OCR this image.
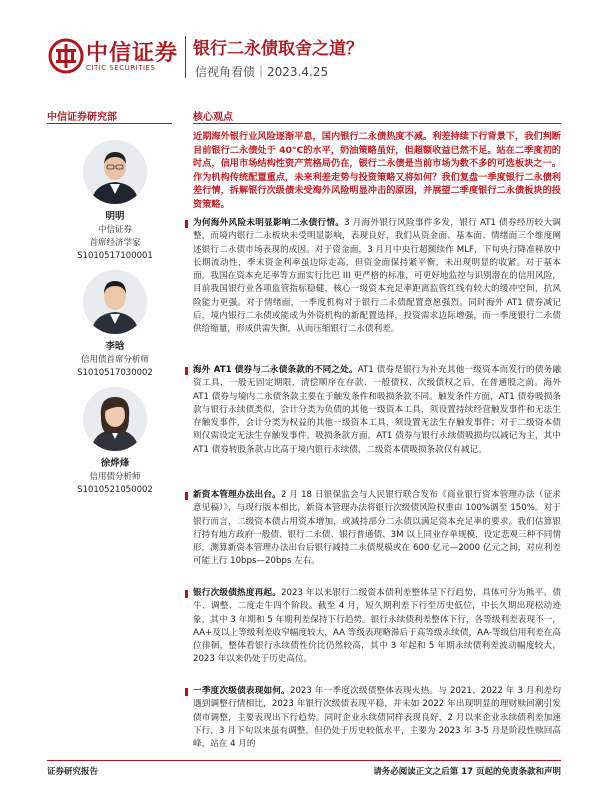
中信证券
CITIC SECURITIES
银行二永债取舍之道？
信视角看债｜2023.4.25
中信证券研究部	核心观点
明明
中信证券
首席经济学家
S1010517100001
李晗
信用债首席分析师
S1010517030002
徐烨烽
信用债分析师
S1010521050002

近期海外银行业风险逐渐平息，国内银行二永债热度不减。利差持续下行背景下，我们判断目前银行二永债处于 40°C的水平，奶油策略虽好，但超额收益已然不足。站在二季度初的时点，信用市场结构性资产荒格局仍在，银行二永债是当前市场为数不多的可选板块之一。作为机构传统配置重点，未来利差走势与投资策略又将如何？我们复盘一季度银行二永债利差行情，拆解银行次级债未受海外风险明显冲击的原因，并展望二季度银行二永债板块的投资策略。

为何海外风险未明显影响二永债行情。3 月海外银行风险事件多发，银行 AT1 债券经历较大调整，而境内银行二永板块未受明显影响，表现良好，我们从资金面、基本面、情绪面三个维度阐述银行二永债市场表现的成因。对于资金面，3 月月中央行超额续作 MLF，下旬央行降准释放中长期流动性，季末资金利率虽边际走高，但资金面保持紧平衡，未出现明显的收紧。对于基本面，我国在资本充足率等方面实行比巴 III 更严格的标准，可更好地监控与识别潜在的信用风险，目前我国银行业各项监管指标稳健，核心一级资本充足率距离监管红线有较大的缓冲空间，抗风险能力更强。对于情绪面，一季度机构对于银行二永债配置意愿强烈。同时海外 AT1 债券减记后，境内银行二永债或能成为外资机构的新配置选择，投资需求边际增强，而一季度银行二永债供给缩量，形成供需失衡，从而压缩银行二永债利差。
海外 AT1 债券与二永债条款的不同之处。AT1 债券是银行为补充其他一级资本而发行的债务融资工具，一般无固定期限，清偿顺序在存款、一般债权、次级债权之后，在普通股之前。海外 AT1 债券与境内二永债条款主要在于触发条件和吸损条款不同。触发条件方面，AT1 债券吸损条款与银行永续债类似，会计分类为负债的其他一级资本工具，须设置持续经营触发事件和无法生存触发事件，会计分类为权益的其他一级资本工具，须设置无法生存触发事件；对于二级资本债则仅需设定无法生存触发事件。吸损条款方面，AT1 债券与银行永续债吸损均以减记为主，其中 AT1 债券转股条款占比高于境内银行永续债，二级资本债吸损条款仅有减记。
新资本管理办法出台。2 月 18 日银保监会与人民银行联合发布《商业银行资本管理办法（征求意见稿）》，与现行版本相比，新资本管理办法将银行次级债风险权重由 100%调至 150%。对于银行而言，二级资本债占用资本增加，或减持部分二永债以满足资本充足率的要求。我们估算银行持有地方政府一般债、银行二永债、银行普通债、3M 以上同业存单规模，设定悲观三种不同情形，测算新资本管理办法出台后银行减持二永债规模或在 600 亿元—2000 亿元之间，对应利差可能上行 10bps—20bps 左右。
银行次级债热度再起。2023 年以来银行二级资本债利差整体呈下行趋势，具体可分为熊平、债牛、调整、二度走牛四个阶段。截至 4 月，短久期利差下行至历史低位，中长久期出现松动迹象，其中 3 年期和 5 年期利差保持下行趋势。银行永续债利差整体下行，各等级利差表现不一，AA+及以上等级利差收窄幅度较大，AA 等级表现略滞后于高等级永续债，AA-等级信用利差在高位徘徊，整体看银行永续债性价比仍然较高，其中 3 年起和 5 年期永续债利差波动幅度较大，2023 年以来仍处于历史高位。
一季度次级债表现如何。2023 年一季度次级债整体表现火热。与 2021、2022 年 3 月利差均遇到调整行情相比，2023 年银行次级债表现平稳，并未如 2022 年出现明显的理财赎回潮引发债市调整，主要表现出下行趋势。同时企业永续债同样表现良好，2 月以来企业永续债利差加速下行，3 月下旬以来虽有调整，但仍处于历史较低水平，主要为 2023 年 3-5 月是阶段性赎回高峰，站在 4 月的
证券研究报告	请务必阅读正文之后第 17 页起的免责条款和声明
